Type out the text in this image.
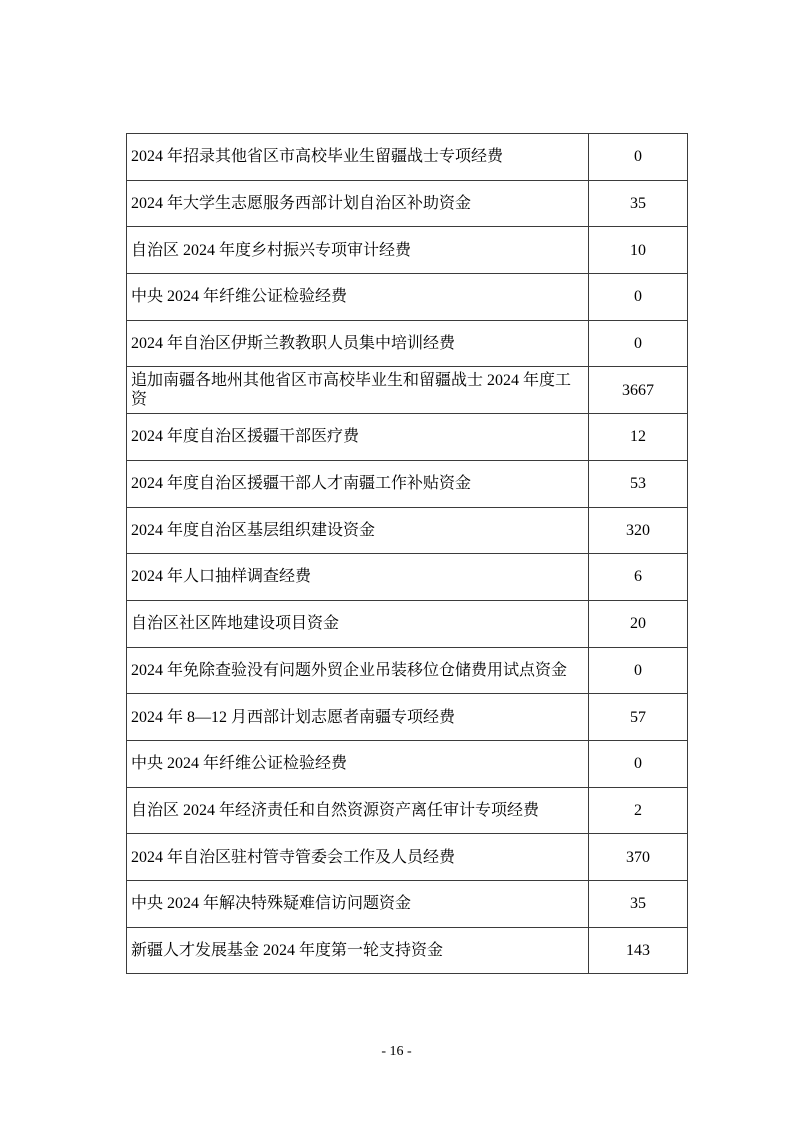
2024 年招录其他省区市高校毕业生留疆战士专项经费	0
2024 年大学生志愿服务西部计划自治区补助资金	35
自治区 2024 年度乡村振兴专项审计经费	10
中央 2024 年纤维公证检验经费	0
2024 年自治区伊斯兰教教职人员集中培训经费	0
追加南疆各地州其他省区市高校毕业生和留疆战士 2024 年度工资	3667
2024 年度自治区援疆干部医疗费	12
2024 年度自治区援疆干部人才南疆工作补贴资金	53
2024 年度自治区基层组织建设资金	320
2024 年人口抽样调查经费	6
自治区社区阵地建设项目资金	20
2024 年免除查验没有问题外贸企业吊装移位仓储费用试点资金	0
2024 年 8—12 月西部计划志愿者南疆专项经费	57
中央 2024 年纤维公证检验经费	0
自治区 2024 年经济责任和自然资源资产离任审计专项经费	2
2024 年自治区驻村管寺管委会工作及人员经费	370
中央 2024 年解决特殊疑难信访问题资金	35
新疆人才发展基金 2024 年度第一轮支持资金	143
- 16 -
